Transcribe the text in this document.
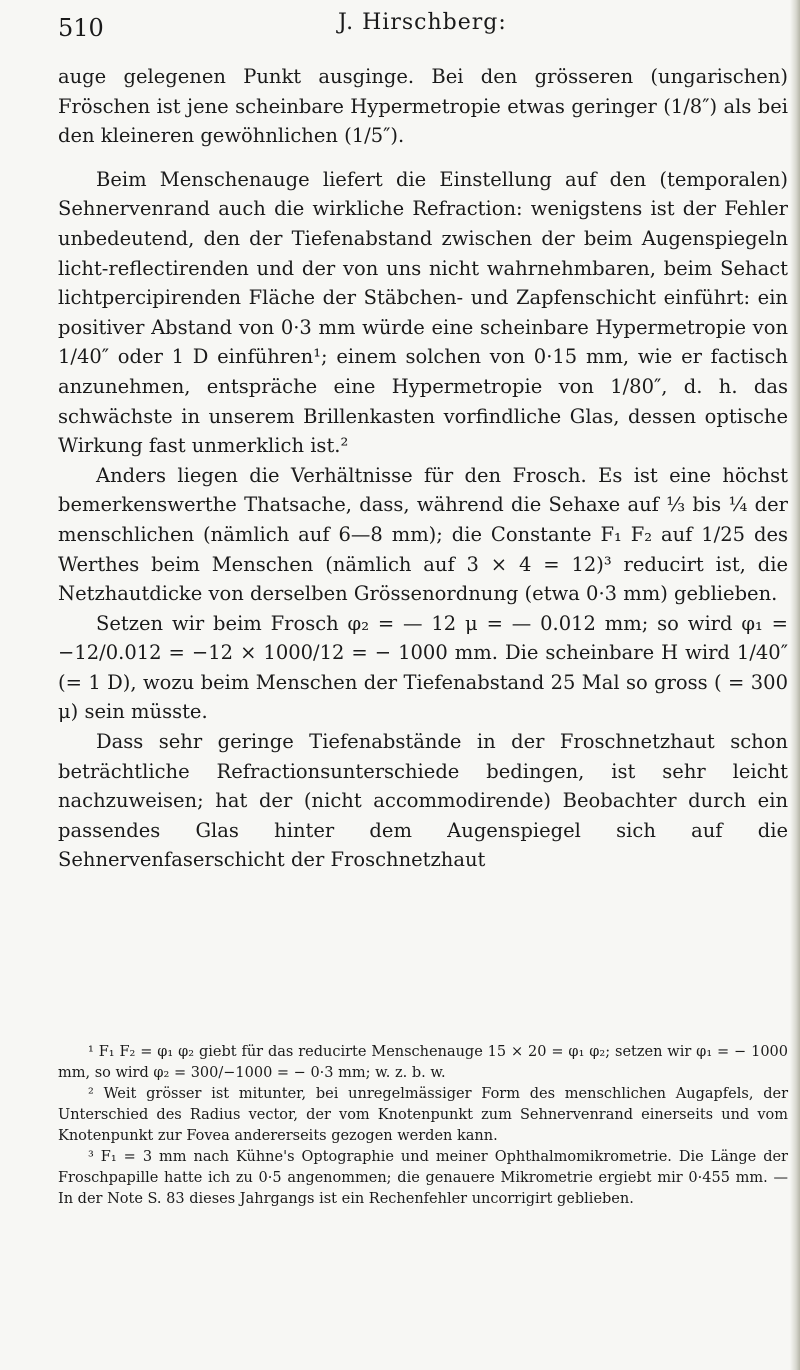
510	J. Hirschberg:

auge gelegenen Punkt ausginge. Bei den grösseren (ungarischen) Fröschen ist jene scheinbare Hypermetropie etwas geringer (1/8″) als bei den kleineren gewöhnlichen (1/5″).

Beim Menschenauge liefert die Einstellung auf den (temporalen) Sehnervenrand auch die wirkliche Refraction: wenigstens ist der Fehler unbedeutend, den der Tiefenabstand zwischen der beim Augenspiegeln licht-reflectirenden und der von uns nicht wahrnehmbaren, beim Sehact lichtpercipirenden Fläche der Stäbchen- und Zapfenschicht einführt: ein positiver Abstand von 0·3 mm würde eine scheinbare Hypermetropie von 1/40″ oder 1 D einführen¹; einem solchen von 0·15 mm, wie er factisch anzunehmen, entspräche eine Hypermetropie von 1/80″, d. h. das schwächste in unserem Brillenkasten vorfindliche Glas, dessen optische Wirkung fast unmerklich ist.²

Anders liegen die Verhältnisse für den Frosch. Es ist eine höchst bemerkenswerthe Thatsache, dass, während die Sehaxe auf ⅓ bis ¼ der menschlichen (nämlich auf 6—8 mm); die Constante F₁ F₂ auf 1/25 des Werthes beim Menschen (nämlich auf 3 × 4 = 12)³ reducirt ist, die Netzhautdicke von derselben Grössenordnung (etwa 0·3 mm) geblieben.

Setzen wir beim Frosch φ₂ = — 12 μ = — 0.012 mm; so wird φ₁ = −12/0.012 = −12 × 1000/12 = − 1000 mm. Die scheinbare H wird 1/40″ (= 1 D), wozu beim Menschen der Tiefenabstand 25 Mal so gross ( = 300 μ) sein müsste.

Dass sehr geringe Tiefenabstände in der Froschnetzhaut schon beträchtliche Refractionsunterschiede bedingen, ist sehr leicht nachzuweisen; hat der (nicht accommodirende) Beobachter durch ein passendes Glas hinter dem Augenspiegel sich auf die Sehnervenfaserschicht der Froschnetzhaut

¹ F₁ F₂ = φ₁ φ₂ giebt für das reducirte Menschenauge 15 × 20 = φ₁ φ₂; setzen wir φ₁ = − 1000 mm, so wird φ₂ = 300/−1000 = − 0·3 mm; w. z. b. w.

² Weit grösser ist mitunter, bei unregelmässiger Form des menschlichen Augapfels, der Unterschied des Radius vector, der vom Knotenpunkt zum Sehnervenrand einerseits und vom Knotenpunkt zur Fovea andererseits gezogen werden kann.

³ F₁ = 3 mm nach Kühne's Optographie und meiner Ophthalmomikrometrie. Die Länge der Froschpapille hatte ich zu 0·5 angenommen; die genauere Mikrometrie ergiebt mir 0·455 mm. — In der Note S. 83 dieses Jahrgangs ist ein Rechenfehler uncorrigirt geblieben.
